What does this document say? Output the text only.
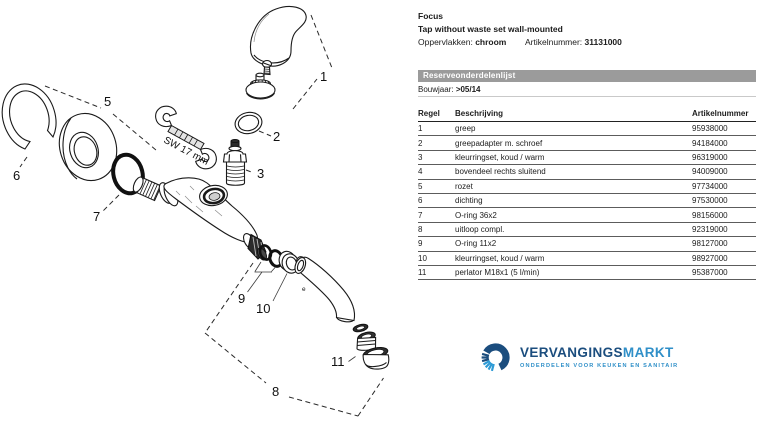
1
2
SW 17 mm
3
6
5
7
9
10
e
11
8
Focus
Tap without waste set wall-mounted
Oppervlakken: chroom Artikelnummer: 31131000
Reserveonderdelenlijst
Bouwjaar: >05/14
Regel	Beschrijving	Artikelnummer
1	greep	95938000
2	greepadapter m. schroef	94184000
3	kleurringset, koud / warm	96319000
4	bovendeel rechts sluitend	94009000
5	rozet	97734000
6	dichting	97530000
7	O-ring 36x2	98156000
8	uitloop compl.	92319000
9	O-ring 11x2	98127000
10	kleurringset, koud / warm	98927000
11	perlator M18x1 (5 l/min)	95387000
VERVANGINGSMARKT
ONDERDELEN VOOR KEUKEN EN SANITAIR
